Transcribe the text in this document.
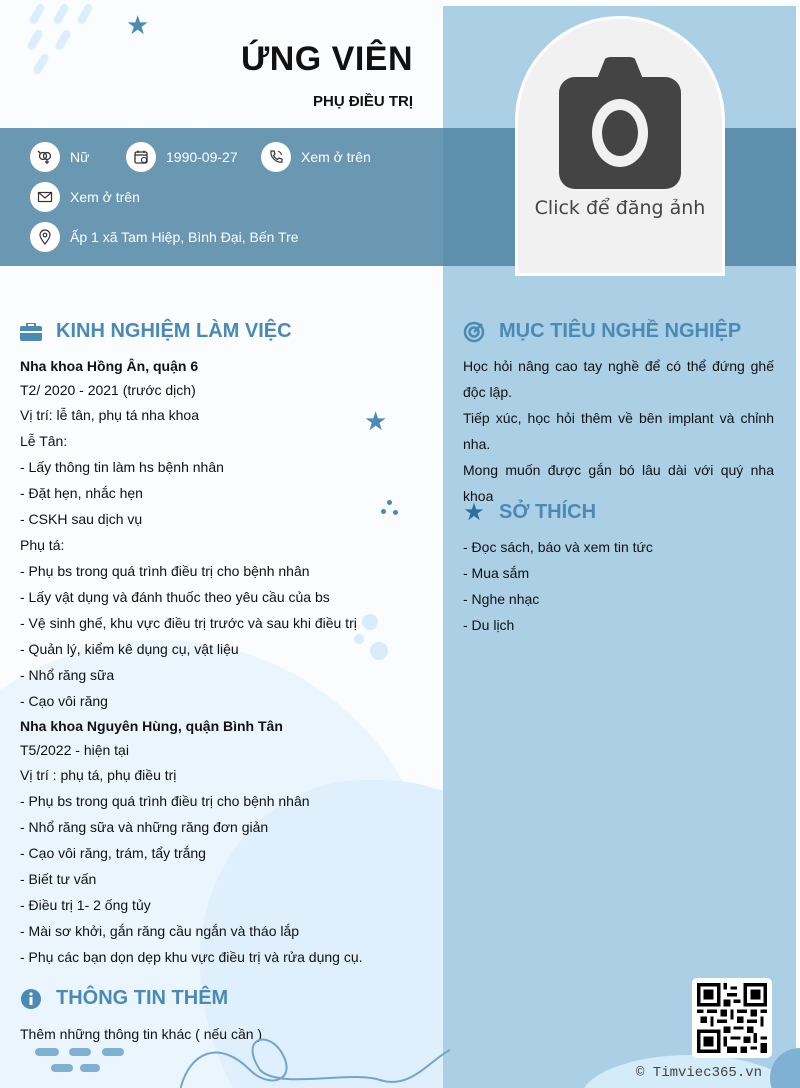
★
★
ỨNG VIÊN
PHỤ ĐIỀU TRỊ
Nữ	1990-09-27	Xem ở trên
Xem ở trên
Ấp 1 xã Tam Hiệp, Bình Đại, Bến Tre
Click để đăng ảnh
KINH NGHIỆM LÀM VIỆC
Nha khoa Hồng Ân, quận 6
T2/ 2020 - 2021 (trước dịch)
Vị trí: lễ tân, phụ tá nha khoa
Lễ Tân:
- Lấy thông tin làm hs bệnh nhân
- Đặt hẹn, nhắc hẹn
- CSKH sau dịch vụ
Phụ tá:
- Phụ bs trong quá trình điều trị cho bệnh nhân
- Lấy vật dụng và đánh thuốc theo yêu cầu của bs
- Vệ sinh ghế, khu vực điều trị trước và sau khi điều trị
- Quản lý, kiểm kê dụng cụ, vật liệu
- Nhổ răng sữa
- Cạo vôi răng
Nha khoa Nguyên Hùng, quận Bình Tân
T5/2022 - hiện tại
Vị trí : phụ tá, phụ điều trị
- Phụ bs trong quá trình điều trị cho bệnh nhân
- Nhổ răng sữa và những răng đơn giản
- Cạo vôi răng, trám, tẩy trắng
- Biết tư vấn
- Điều trị 1- 2 ống tủy
- Mài sơ khởi, gắn răng cầu ngắn và tháo lắp
- Phụ các bạn dọn dẹp khu vực điều trị và rửa dụng cụ.
THÔNG TIN THÊM
Thêm những thông tin khác ( nếu cần )
MỤC TIÊU NGHỀ NGHIỆP

Học hỏi nâng cao tay nghề để có thể đứng ghế độc lập.

Tiếp xúc, học hỏi thêm về bên implant và chỉnh nha.

Mong muốn được gắn bó lâu dài với quý nha khoa

★ SỞ THÍCH
- Đọc sách, báo và xem tin tức
- Mua sắm
- Nghe nhạc
- Du lịch
© Timviec365.vn
